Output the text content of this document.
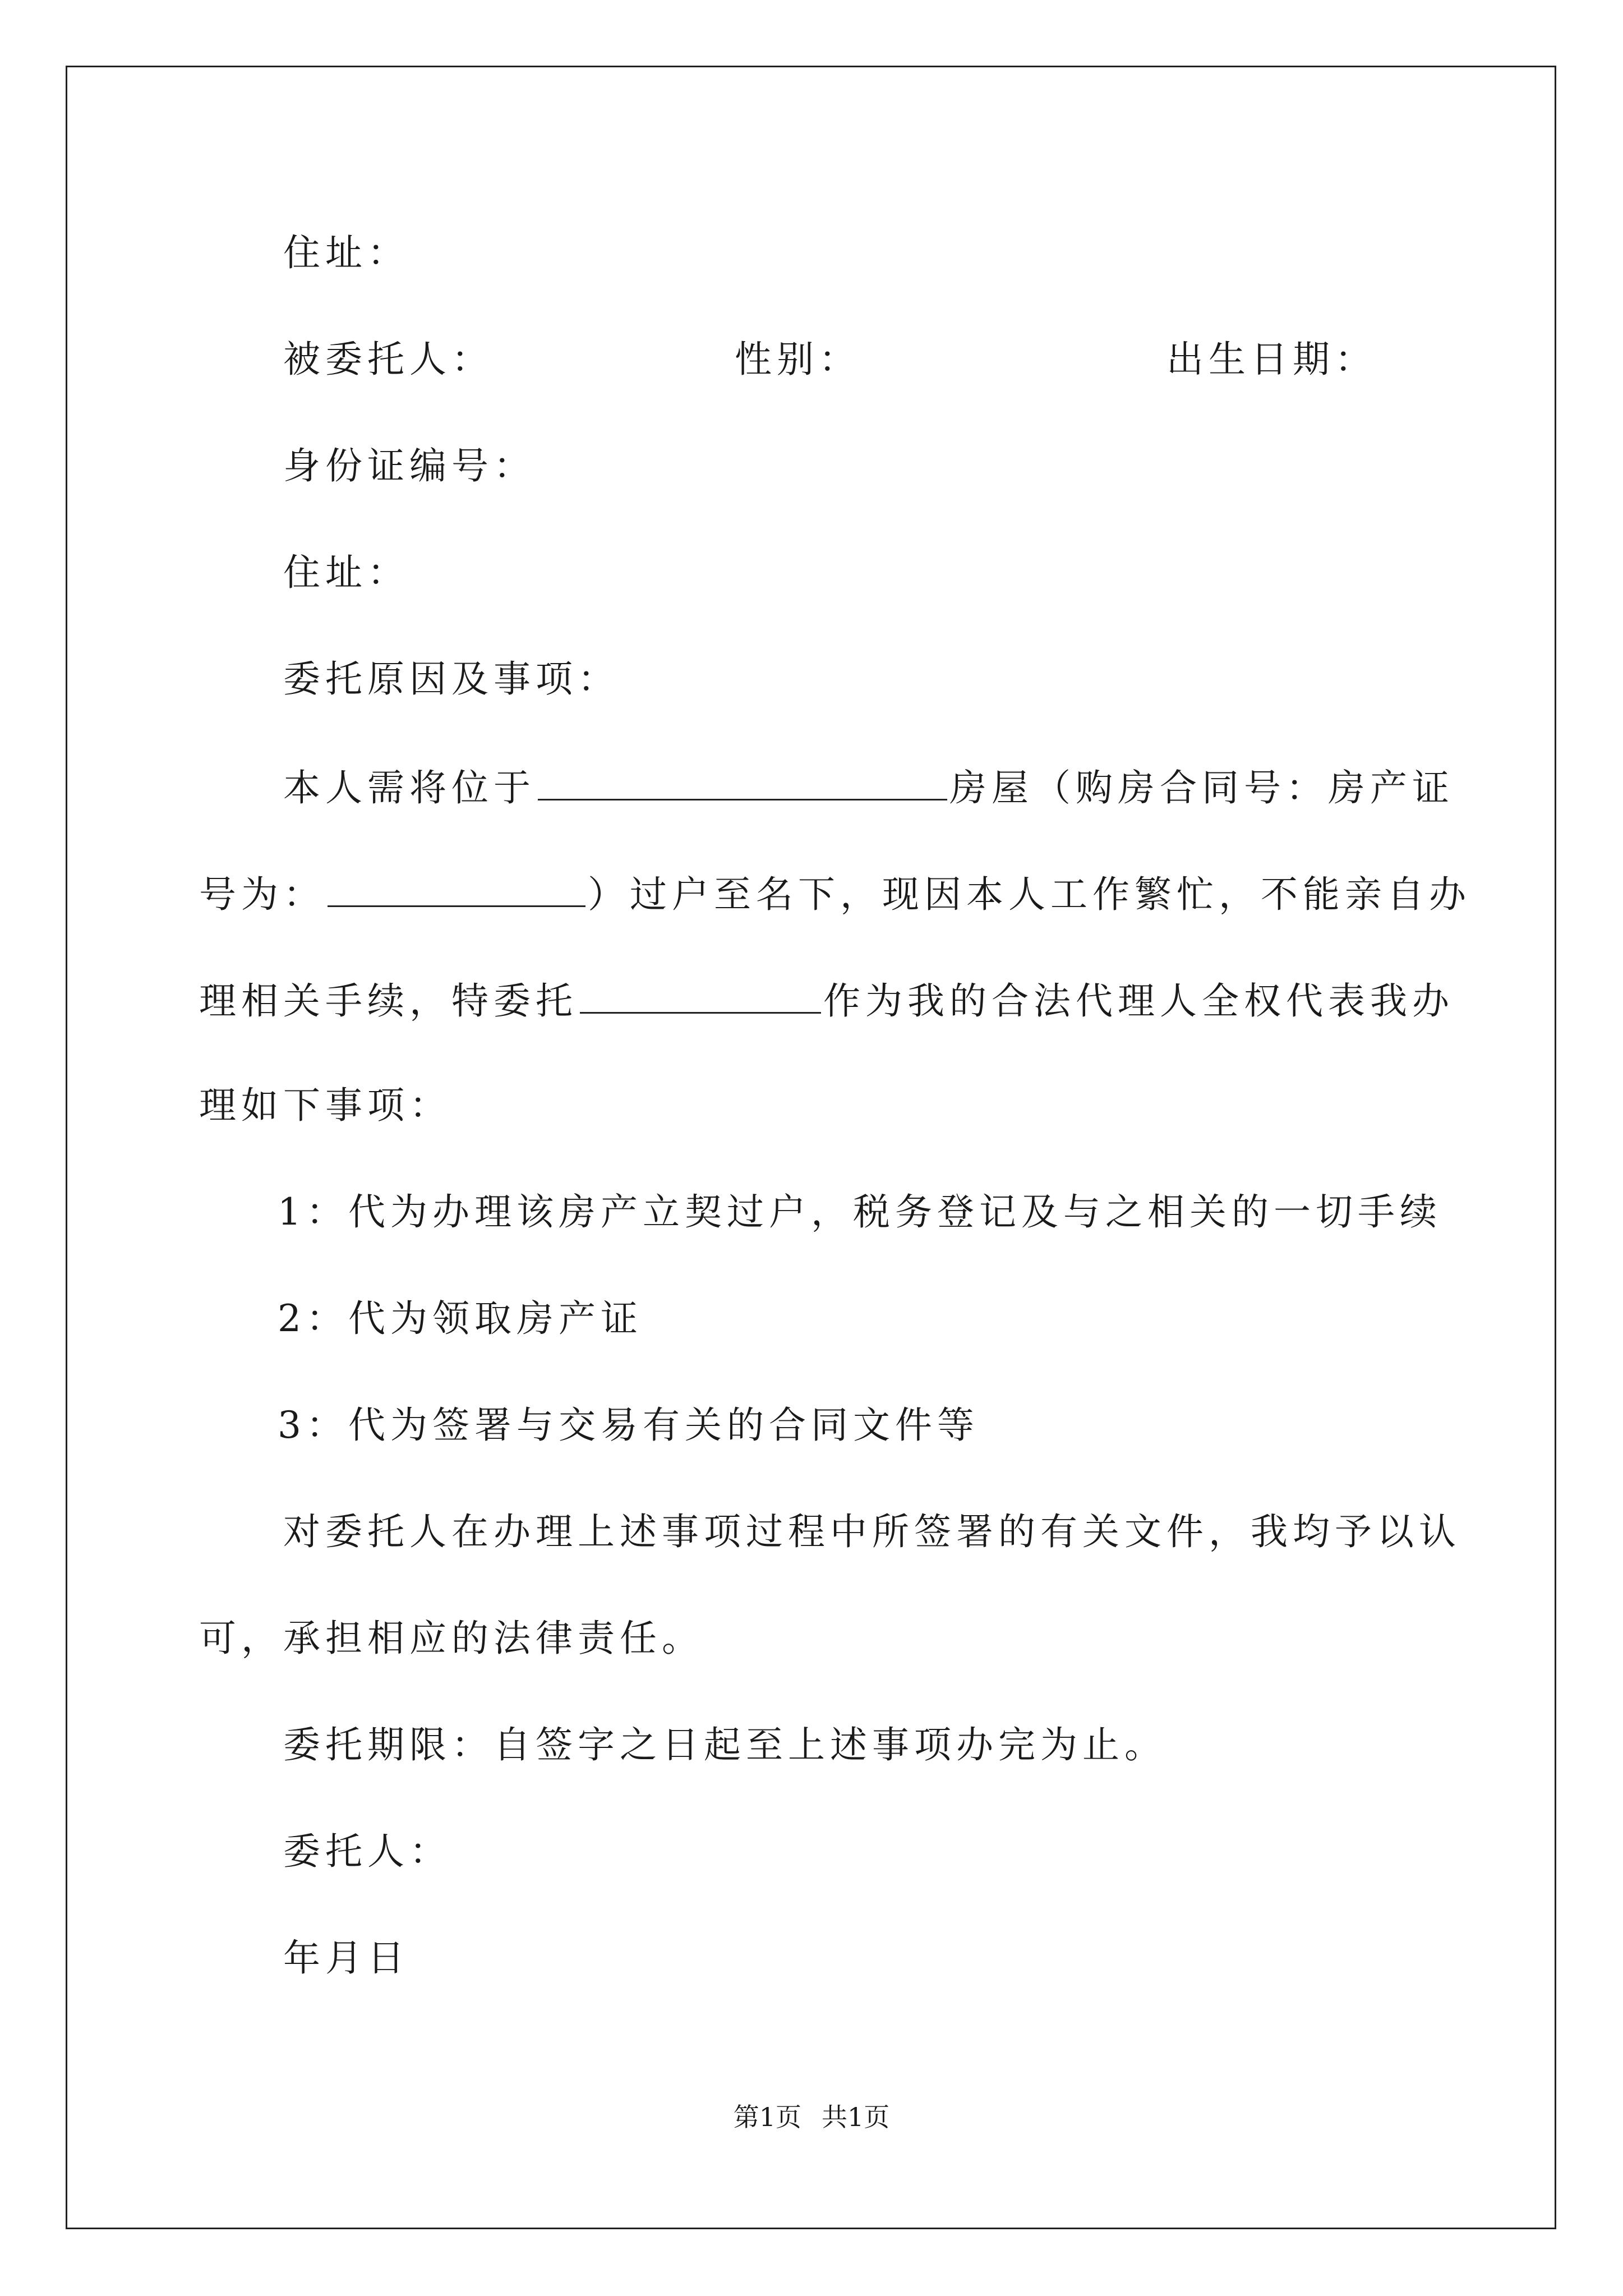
住址：
被委托人：	性别：	出生日期：
身份证编号：
住址：
委托原因及事项：
本人需将位于	房屋（购房合同号：房产证
号为：	）过户至名下，现因本人工作繁忙，不能亲自办
理相关手续，特委托	作为我的合法代理人全权代表我办
理如下事项：
1：代为办理该房产立契过户，税务登记及与之相关的一切手续
2：代为领取房产证
3：代为签署与交易有关的合同文件等
对委托人在办理上述事项过程中所签署的有关文件，我均予以认
可，承担相应的法律责任。
委托期限：自签字之日起至上述事项办完为止。
委托人：
年月日
第1页 共1页
